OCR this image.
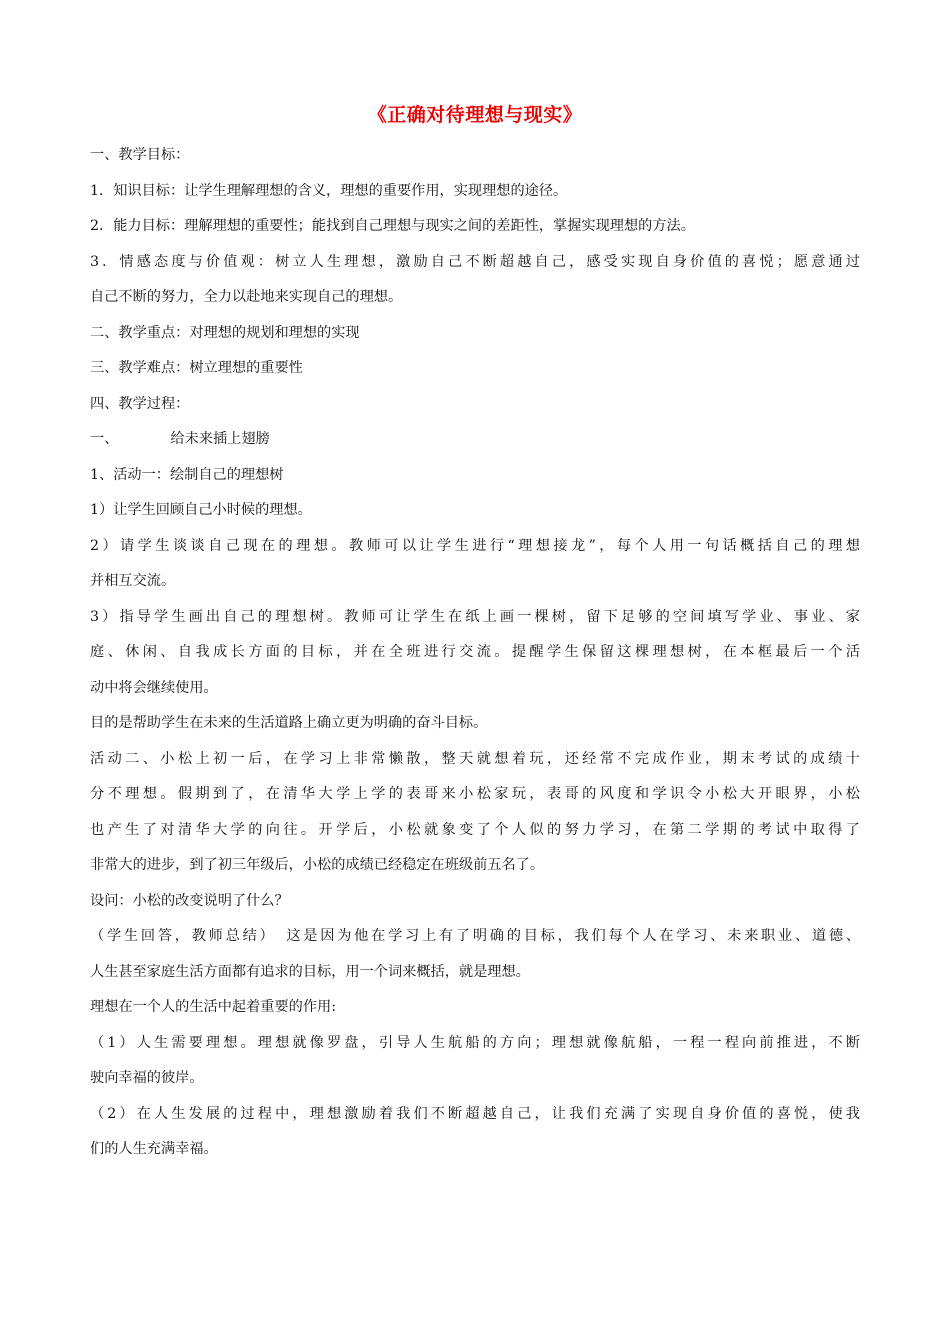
《正确对待理想与现实》
一、教学目标：
1．知识目标：让学生理解理想的含义，理想的重要作用，实现理想的途径。
2．能力目标：理解理想的重要性；能找到自己理想与现实之间的差距性，掌握实现理想的方法。
3．情感态度与价值观：树立人生理想，激励自己不断超越自己，感受实现自身价值的喜悦；愿意通过
自己不断的努力，全力以赴地来实现自己的理想。
二、教学重点：对理想的规划和理想的实现
三、教学难点：树立理想的重要性
四、教学过程：
一、	给未来插上翅膀
1、活动一：绘制自己的理想树
1）让学生回顾自己小时候的理想。
2）请学生谈谈自己现在的理想。教师可以让学生进行“理想接龙”，每个人用一句话概括自己的理想
并相互交流。
3）指导学生画出自己的理想树。教师可让学生在纸上画一棵树，留下足够的空间填写学业、事业、家
庭、休闲、自我成长方面的目标，并在全班进行交流。提醒学生保留这棵理想树，在本框最后一个活
动中将会继续使用。
目的是帮助学生在未来的生活道路上确立更为明确的奋斗目标。
活动二、小松上初一后，在学习上非常懒散，整天就想着玩，还经常不完成作业，期末考试的成绩十
分不理想。假期到了，在清华大学上学的表哥来小松家玩，表哥的风度和学识令小松大开眼界，小松
也产生了对清华大学的向往。开学后，小松就象变了个人似的努力学习，在第二学期的考试中取得了
非常大的进步，到了初三年级后，小松的成绩已经稳定在班级前五名了。
设问：小松的改变说明了什么？
（学生回答，教师总结）　这是因为他在学习上有了明确的目标，我们每个人在学习、未来职业、道德、
人生甚至家庭生活方面都有追求的目标，用一个词来概括，就是理想。
理想在一个人的生活中起着重要的作用:
（1）人生需要理想。理想就像罗盘，引导人生航船的方向；理想就像航船，一程一程向前推进，不断
驶向幸福的彼岸。
（2）在人生发展的过程中，理想激励着我们不断超越自己，让我们充满了实现自身价值的喜悦，使我
们的人生充满幸福。
